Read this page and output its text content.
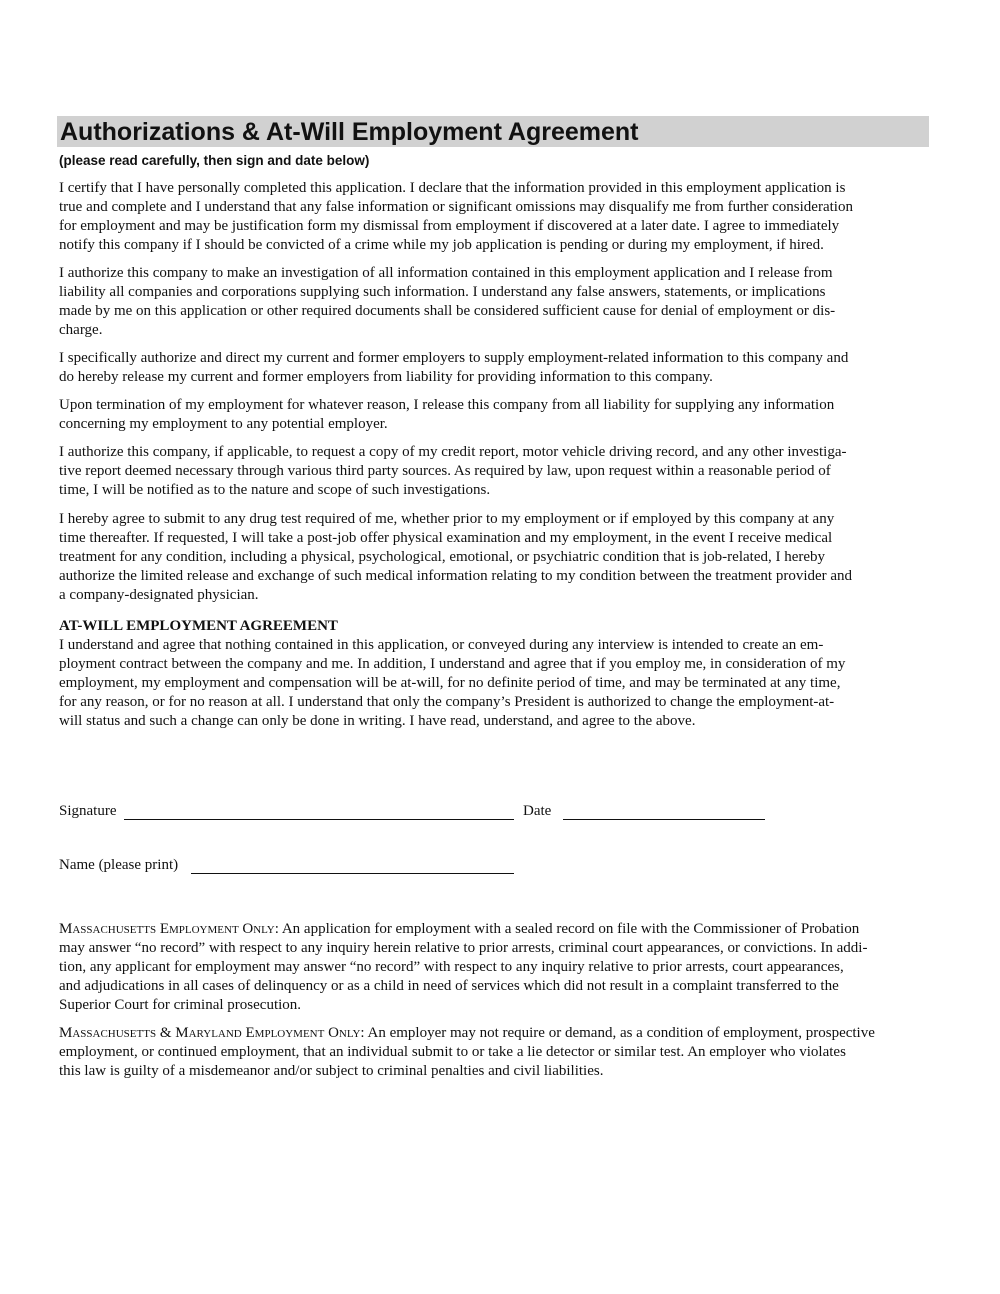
Authorizations & At-Will Employment Agreement
(please read carefully, then sign and date below)
I certify that I have personally completed this application. I declare that the information provided in this employment application is
true and complete and I understand that any false information or significant omissions may disqualify me from further consideration
for employment and may be justification form my dismissal from employment if discovered at a later date. I agree to immediately
notify this company if I should be convicted of a crime while my job application is pending or during my employment, if hired.
I authorize this company to make an investigation of all information contained in this employment application and I release from
liability all companies and corporations supplying such information. I understand any false answers, statements, or implications
made by me on this application or other required documents shall be considered sufficient cause for denial of employment or dis-
charge.
I specifically authorize and direct my current and former employers to supply employment-related information to this company and
do hereby release my current and former employers from liability for providing information to this company.
Upon termination of my employment for whatever reason, I release this company from all liability for supplying any information
concerning my employment to any potential employer.
I authorize this company, if applicable, to request a copy of my credit report, motor vehicle driving record, and any other investiga-
tive report deemed necessary through various third party sources. As required by law, upon request within a reasonable period of
time, I will be notified as to the nature and scope of such investigations.
I hereby agree to submit to any drug test required of me, whether prior to my employment or if employed by this company at any
time thereafter. If requested, I will take a post-job offer physical examination and my employment, in the event I receive medical
treatment for any condition, including a physical, psychological, emotional, or psychiatric condition that is job-related, I hereby
authorize the limited release and exchange of such medical information relating to my condition between the treatment provider and
a company-designated physician.
AT-WILL EMPLOYMENT AGREEMENT
I understand and agree that nothing contained in this application, or conveyed during any interview is intended to create an em-
ployment contract between the company and me. In addition, I understand and agree that if you employ me, in consideration of my
employment, my employment and compensation will be at-will, for no definite period of time, and may be terminated at any time,
for any reason, or for no reason at all. I understand that only the company’s President is authorized to change the employment-at-
will status and such a change can only be done in writing. I have read, understand, and agree to the above.
Signature	Date
Name (please print)
Massachusetts Employment Only: An application for employment with a sealed record on file with the Commissioner of Probation
may answer “no record” with respect to any inquiry herein relative to prior arrests, criminal court appearances, or convictions. In addi-
tion, any applicant for employment may answer “no record” with respect to any inquiry relative to prior arrests, court appearances,
and adjudications in all cases of delinquency or as a child in need of services which did not result in a complaint transferred to the
Superior Court for criminal prosecution.
Massachusetts & Maryland Employment Only: An employer may not require or demand, as a condition of employment, prospective
employment, or continued employment, that an individual submit to or take a lie detector or similar test. An employer who violates
this law is guilty of a misdemeanor and/or subject to criminal penalties and civil liabilities.
